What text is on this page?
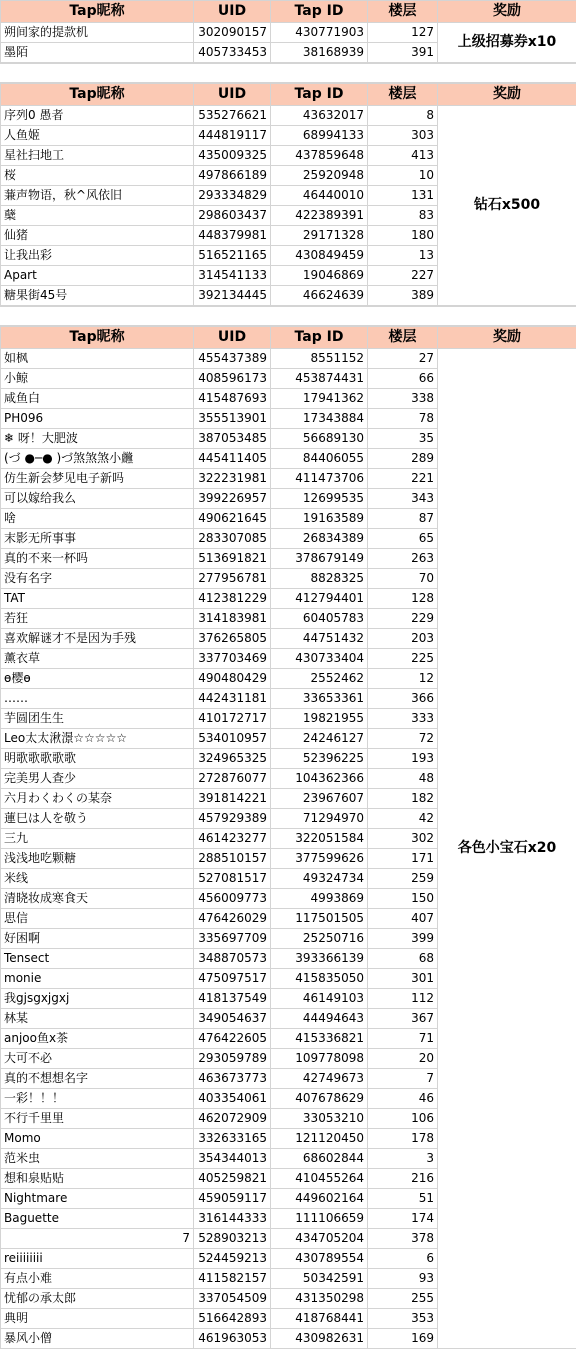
Tap昵称	UID	Tap ID	楼层	奖励
朔间家的提款机	302090157	430771903	127	上级招募券x10
墨陌	405733453	38168939	391	
Tap昵称	UID	Tap ID	楼层	奖励
序列0 愚者	535276621	43632017	8	钻石x500
人鱼姬	444819117	68994133	303	
星社扫地工	435009325	437859648	413	
桜	497866189	25920948	10	
蒹声物语，秋^风依旧	293334829	46440010	131	
蘖	298603437	422389391	83	
仙猪	448379981	29171328	180	
让我出彩	516521165	430849459	13	
Apart	314541133	19046869	227	
糖果街45号	392134445	46624639	389	
Tap昵称	UID	Tap ID	楼层	奖励
如枫	455437389	8551152	27	各色小宝石x20
小鲸	408596173	453874431	66	
咸鱼白	415487693	17941362	338	
PH096	355513901	17343884	78	
❄ 呀！大肥波	387053485	56689130	35	
(づ ●─● )づ煞煞煞小虪	445411405	84406055	289	
仿生新会梦见电子新吗	322231981	411473706	221	
可以嫁给我么	399226957	12699535	343	
啥	490621645	19163589	87	
末影无所事事	283307085	26834389	65	
真的不来一杯吗	513691821	378679149	263	
没有名字	277956781	8828325	70	
TAT	412381229	412794401	128	
若狂	314183981	60405783	229	
喜欢解谜才不是因为手残	376265805	44751432	203	
薰衣草	337703469	430733404	225	
ѳ樱ѳ	490480429	2552462	12	
……	442431181	33653361	366	
芋圆团生生	410172717	19821955	333	
Leo太太湫澋☆☆☆☆☆	534010957	24246127	72	
明歌歌歌歌歌	324965325	52396225	193	
完美男人查少	272876077	104362366	48	
六月わくわくの某奈	391814221	23967607	182	
蓮巳は人を敬う	457929389	71294970	42	
三九	461423277	322051584	302	
浅浅地吃颗糖	288510157	377599626	171	
米线	527081517	49324734	259	
清晓妆成寒食天	456009773	4993869	150	
思信	476426029	117501505	407	
好困啊	335697709	25250716	399	
Tensect	348870573	393366139	68	
monie	475097517	415835050	301	
我gjsgxjgxj	418137549	46149103	112	
林某	349054637	44494643	367	
anjoo鱼x茶	476422605	415336821	71	
大可不必	293059789	109778098	20	
真的不想想名字	463673773	42749673	7	
一彩！！！	403354061	407678629	46	
不行千里里	462072909	33053210	106	
Momo	332633165	121120450	178	
范米虫	354344013	68602844	3	
想和泉贴贴	405259821	410455264	216	
Nightmare	459059117	449602164	51	
Baguette	316144333	111106659	174	
7	528903213	434705204	378	
reiiiiiiii	524459213	430789554	6	
有点小难	411582157	50342591	93	
忧郁の承太郎	337054509	431350298	255	
典明	516642893	418768441	353	
暴风小僧	461963053	430982631	169	
